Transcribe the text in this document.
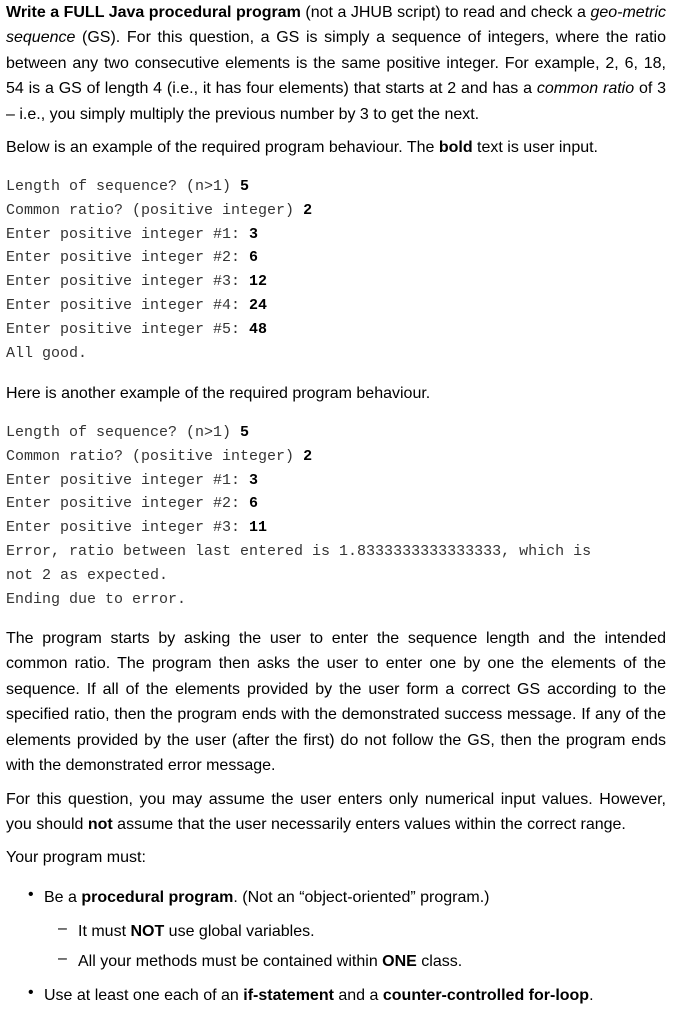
Write a FULL Java procedural program (not a JHUB script) to read and check a geo-metric sequence (GS). For this question, a GS is simply a sequence of integers, where the ratio between any two consecutive elements is the same positive integer. For example, 2, 6, 18, 54 is a GS of length 4 (i.e., it has four elements) that starts at 2 and has a common ratio of 3 – i.e., you simply multiply the previous number by 3 to get the next.

Below is an example of the required program behaviour. The bold text is user input.

Length of sequence? (n>1) 5
Common ratio? (positive integer) 2
Enter positive integer #1: 3
Enter positive integer #2: 6
Enter positive integer #3: 12
Enter positive integer #4: 24
Enter positive integer #5: 48
All good.

Here is another example of the required program behaviour.

Length of sequence? (n>1) 5
Common ratio? (positive integer) 2
Enter positive integer #1: 3
Enter positive integer #2: 6
Enter positive integer #3: 11
Error, ratio between last entered is 1.8333333333333333, which is
not 2 as expected.
Ending due to error.

The program starts by asking the user to enter the sequence length and the intended common ratio. The program then asks the user to enter one by one the elements of the sequence. If all of the elements provided by the user form a correct GS according to the specified ratio, then the program ends with the demonstrated success message. If any of the elements provided by the user (after the first) do not follow the GS, then the program ends with the demonstrated error message.

For this question, you may assume the user enters only numerical input values. However, you should not assume that the user necessarily enters values within the correct range.

Your program must:

• Be a procedural program. (Not an “object-oriented” program.)
– It must NOT use global variables.
– All your methods must be contained within ONE class.
• Use at least one each of an if-statement and a counter-controlled for-loop.
